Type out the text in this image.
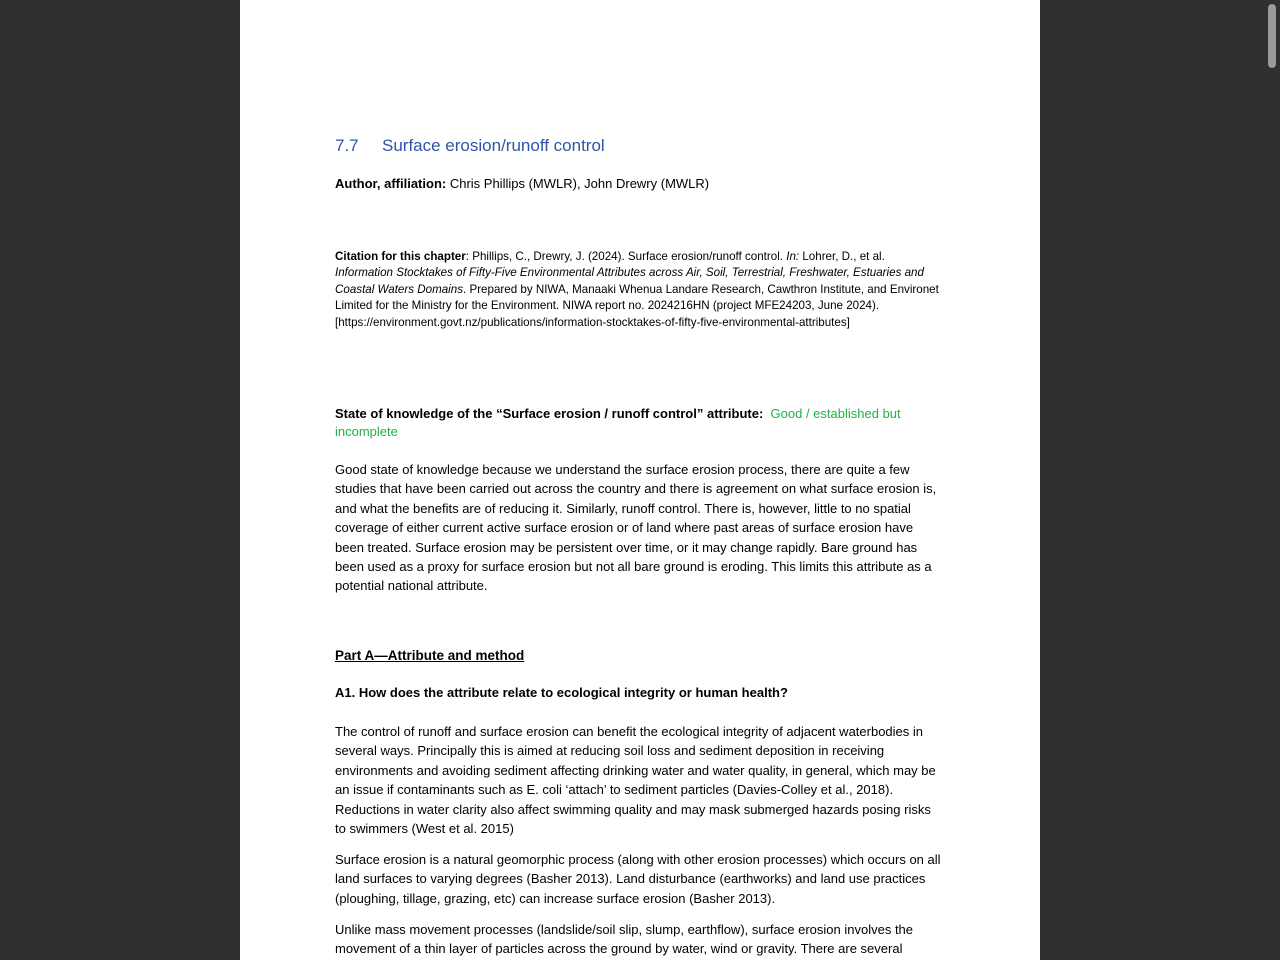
7.7 Surface erosion/runoff control
Author, affiliation: Chris Phillips (MWLR), John Drewry (MWLR)
Citation for this chapter: Phillips, C., Drewry, J. (2024). Surface erosion/runoff control. In: Lohrer, D., et al. Information Stocktakes of Fifty-Five Environmental Attributes across Air, Soil, Terrestrial, Freshwater, Estuaries and Coastal Waters Domains. Prepared by NIWA, Manaaki Whenua Landare Research, Cawthron Institute, and Environet Limited for the Ministry for the Environment. NIWA report no. 2024216HN (project MFE24203, June 2024). [https://environment.govt.nz/publications/information-stocktakes-of-fifty-five-environmental-attributes]
State of knowledge of the “Surface erosion / runoff control” attribute: Good / established but incomplete
Good state of knowledge because we understand the surface erosion process, there are quite a few studies that have been carried out across the country and there is agreement on what surface erosion is, and what the benefits are of reducing it. Similarly, runoff control. There is, however, little to no spatial coverage of either current active surface erosion or of land where past areas of surface erosion have been treated. Surface erosion may be persistent over time, or it may change rapidly. Bare ground has been used as a proxy for surface erosion but not all bare ground is eroding. This limits this attribute as a potential national attribute.
Part A—Attribute and method
A1. How does the attribute relate to ecological integrity or human health?
The control of runoff and surface erosion can benefit the ecological integrity of adjacent waterbodies in several ways. Principally this is aimed at reducing soil loss and sediment deposition in receiving environments and avoiding sediment affecting drinking water and water quality, in general, which may be an issue if contaminants such as E. coli ‘attach’ to sediment particles (Davies-Colley et al., 2018). Reductions in water clarity also affect swimming quality and may mask submerged hazards posing risks to swimmers (West et al. 2015)
Surface erosion is a natural geomorphic process (along with other erosion processes) which occurs on all land surfaces to varying degrees (Basher 2013). Land disturbance (earthworks) and land use practices (ploughing, tillage, grazing, etc) can increase surface erosion (Basher 2013).
Unlike mass movement processes (landslide/soil slip, slump, earthflow), surface erosion involves the movement of a thin layer of particles across the ground by water, wind or gravity. There are several
